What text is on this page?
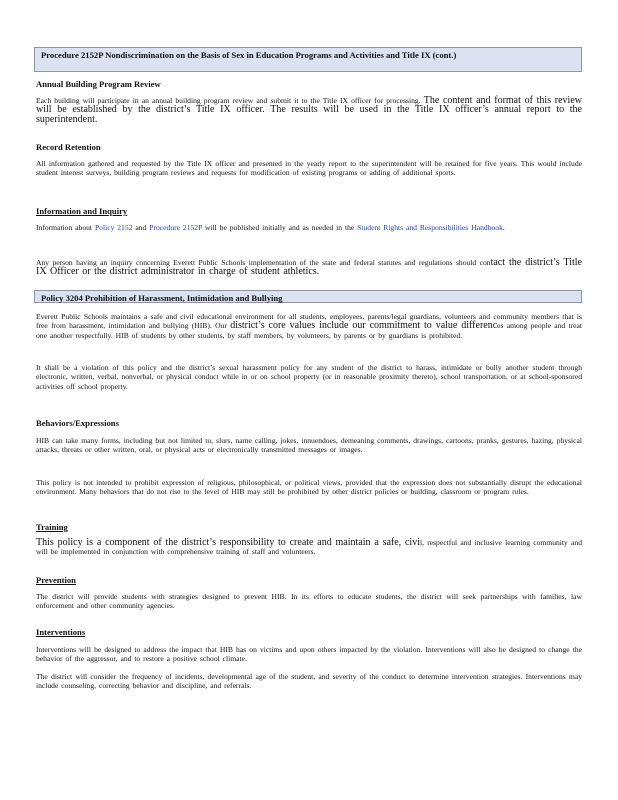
Procedure 2152P Nondiscrimination on the Basis of Sex in Education Programs and Activities and Title IX (cont.)
Annual Building Program Review
Each building will participate in an annual building program review and submit it to the Title IX officer for processing. The content and format of this review will be established by the district’s Title IX officer. The results will be used in the Title IX officer’s annual report to the superintendent.
Record Retention
All information gathered and requested by the Title IX officer and presented in the yearly report to the superintendent will be retained for five years. This would include student interest surveys, building program reviews and requests for modification of existing programs or adding of additional sports.
Information and Inquiry
Information about Policy 2152 and Procedure 2152P will be published initially and as needed in the Student Rights and Responsibilities Handbook.
Any person having an inquiry concerning Everett Public Schools implementation of the state and federal statutes and regulations should contact the district’s Title IX Officer or the district administrator in charge of student athletics.
Policy 3204 Prohibition of Harassment, Intimidation and Bullying
Everett Public Schools maintains a safe and civil educational environment for all students, employees, parents/legal guardians, volunteers and community members that is free from harassment, intimidation and bullying (HIB). Our district’s core values include our commitment to value differences among people and treat one another respectfully. HIB of students by other students, by staff members, by volunteers, by parents or by guardians is prohibited.
It shall be a violation of this policy and the district’s sexual harassment policy for any student of the district to harass, intimidate or bully another student through electronic, written, verbal, nonverbal, or physical conduct while in or on school property (or in reasonable proximity thereto), school transportation, or at school-sponsored activities off school property.
Behaviors/Expressions
HIB can take many forms, including but not limited to, slurs, name calling, jokes, innuendoes, demeaning comments, drawings, cartoons, pranks, gestures, hazing, physical attacks, threats or other written, oral, or physical acts or electronically transmitted messages or images.
This policy is not intended to prohibit expression of religious, philosophical, or political views, provided that the expression does not substantially disrupt the educational environment. Many behaviors that do not rise to the level of HIB may still be prohibited by other district policies or building, classroom or program rules.
Training
This policy is a component of the district’s responsibility to create and maintain a safe, civil, respectful and inclusive learning community and will be implemented in conjunction with comprehensive training of staff and volunteers.
Prevention
The district will provide students with strategies designed to prevent HIB. In its efforts to educate students, the district will seek partnerships with families, law enforcement and other community agencies.
Interventions
Interventions will be designed to address the impact that HIB has on victims and upon others impacted by the violation. Interventions will also be designed to change the behavior of the aggressor, and to restore a positive school climate.
The district will consider the frequency of incidents, developmental age of the student, and severity of the conduct to determine intervention strategies. Interventions may include counseling, correcting behavior and discipline, and referrals.
